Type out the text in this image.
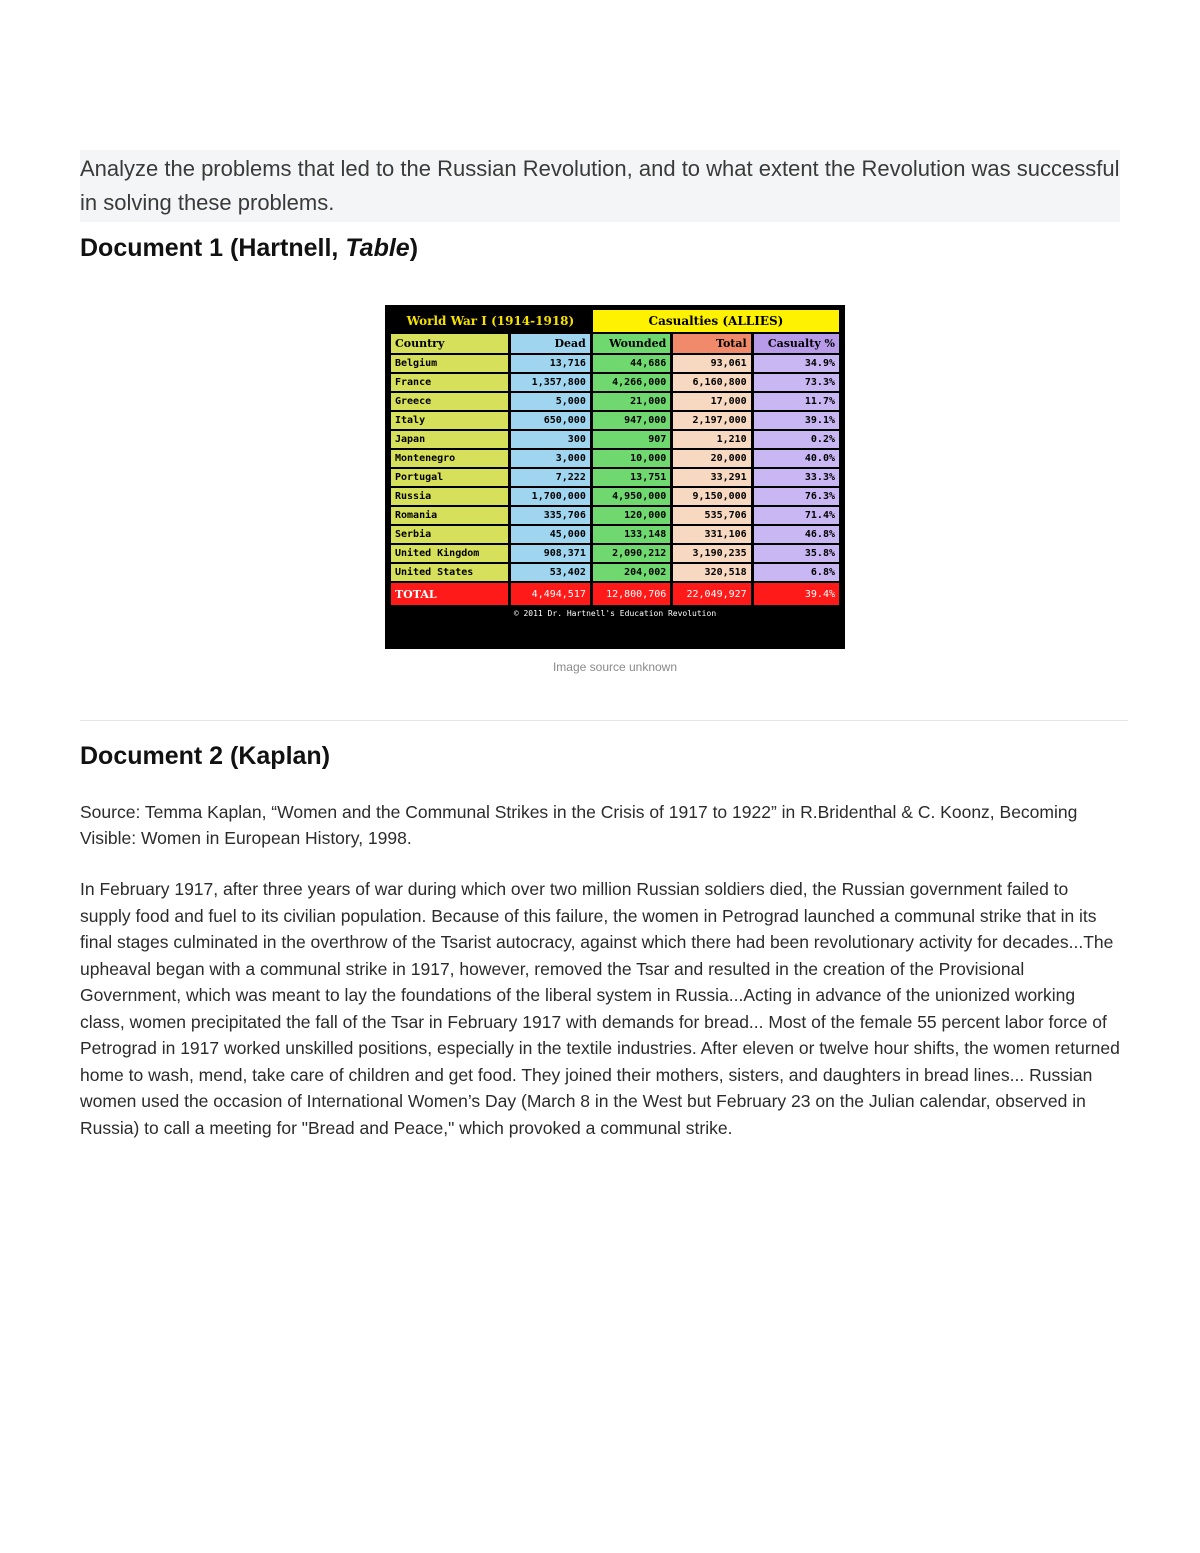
Analyze the problems that led to the Russian Revolution, and to what extent the Revolution was successful in solving these problems.
Document 1 (Hartnell, Table)
World War I (1914-1918)		Casualties (ALLIES)		
Country	Dead	Wounded	Total	Casualty %
Belgium	13,716	44,686	93,061	34.9%
France	1,357,800	4,266,000	6,160,800	73.3%
Greece	5,000	21,000	17,000	11.7%
Italy	650,000	947,000	2,197,000	39.1%
Japan	300	907	1,210	0.2%
Montenegro	3,000	10,000	20,000	40.0%
Portugal	7,222	13,751	33,291	33.3%
Russia	1,700,000	4,950,000	9,150,000	76.3%
Romania	335,706	120,000	535,706	71.4%
Serbia	45,000	133,148	331,106	46.8%
United Kingdom	908,371	2,090,212	3,190,235	35.8%
United States	53,402	204,002	320,518	6.8%
TOTAL	4,494,517	12,800,706	22,049,927	39.4%
© 2011 Dr. Hartnell's Education Revolution
Image source unknown
Document 2 (Kaplan)
Source: Temma Kaplan, “Women and the Communal Strikes in the Crisis of 1917 to 1922” in R.Bridenthal & C. Koonz, Becoming Visible: Women in European History, 1998.

In February 1917, after three years of war during which over two million Russian soldiers died, the Russian government failed to supply food and fuel to its civilian population. Because of this failure, the women in Petrograd launched a communal strike that in its final stages culminated in the overthrow of the Tsarist autocracy, against which there had been revolutionary activity for decades...The upheaval began with a communal strike in 1917, however, removed the Tsar and resulted in the creation of the Provisional Government, which was meant to lay the foundations of the liberal system in Russia...Acting in advance of the unionized working class, women precipitated the fall of the Tsar in February 1917 with demands for bread... Most of the female 55 percent labor force of Petrograd in 1917 worked unskilled positions, especially in the textile industries. After eleven or twelve hour shifts, the women returned home to wash, mend, take care of children and get food. They joined their mothers, sisters, and daughters in bread lines... Russian women used the occasion of International Women’s Day (March 8 in the West but February 23 on the Julian calendar, observed in Russia) to call a meeting for "Bread and Peace," which provoked a communal strike.
